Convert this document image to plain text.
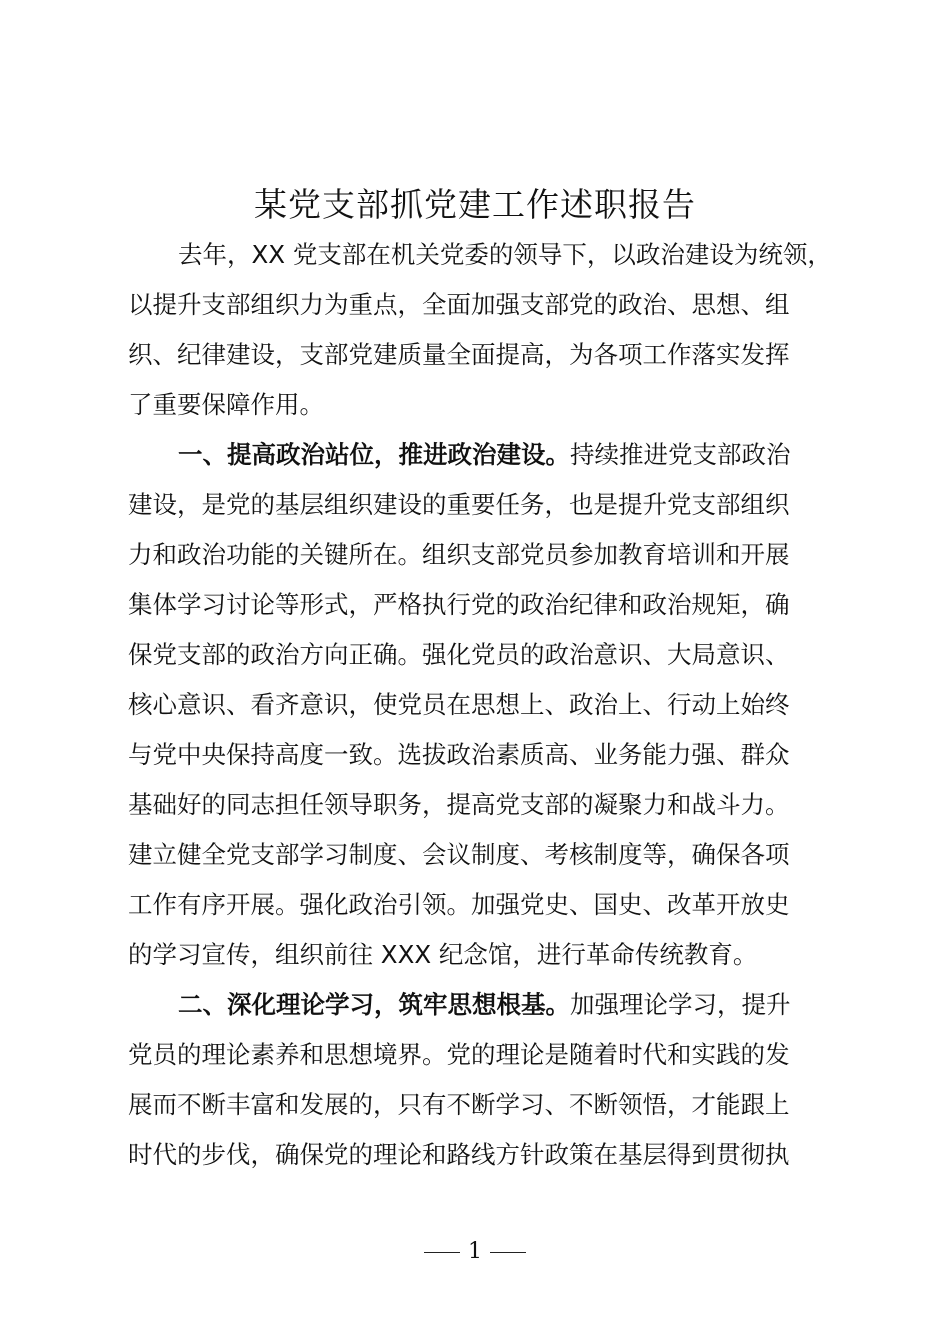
某党支部抓党建工作述职报告
去年，XX 党支部在机关党委的领导下，以政治建设为统领，
以提升支部组织力为重点，全面加强支部党的政治、思想、组
织、纪律建设，支部党建质量全面提高，为各项工作落实发挥
了重要保障作用。
一、提高政治站位，推进政治建设。持续推进党支部政治
建设，是党的基层组织建设的重要任务，也是提升党支部组织
力和政治功能的关键所在。组织支部党员参加教育培训和开展
集体学习讨论等形式，严格执行党的政治纪律和政治规矩，确
保党支部的政治方向正确。强化党员的政治意识、大局意识、
核心意识、看齐意识，使党员在思想上、政治上、行动上始终
与党中央保持高度一致。选拔政治素质高、业务能力强、群众
基础好的同志担任领导职务，提高党支部的凝聚力和战斗力。
建立健全党支部学习制度、会议制度、考核制度等，确保各项
工作有序开展。强化政治引领。加强党史、国史、改革开放史
的学习宣传，组织前往 XXX 纪念馆，进行革命传统教育。
二、深化理论学习，筑牢思想根基。加强理论学习，提升
党员的理论素养和思想境界。党的理论是随着时代和实践的发
展而不断丰富和发展的，只有不断学习、不断领悟，才能跟上
时代的步伐，确保党的理论和路线方针政策在基层得到贯彻执
1
